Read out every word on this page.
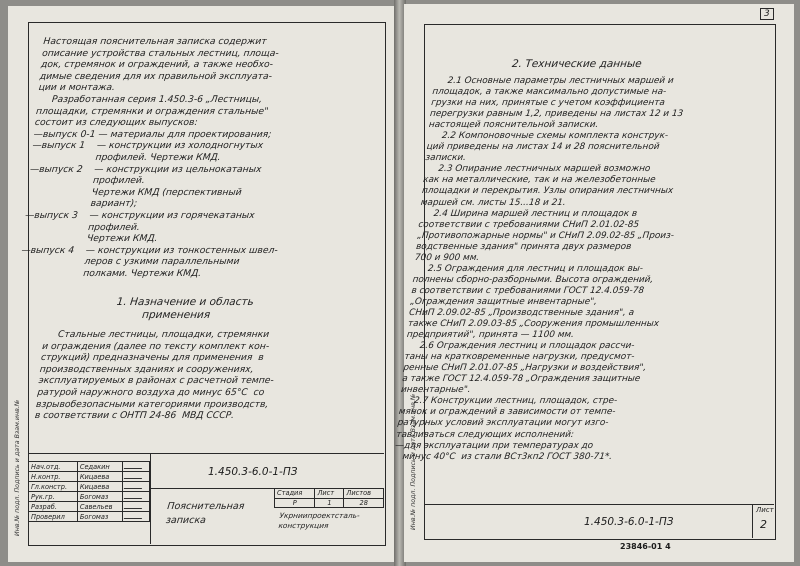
Инв.№ подл. Подпись и дата Взам.инв.№
Настоящая пояснительная записка содержит
описание устройства стальных лестниц, площа-
док, стремянок и ограждений, а также необхо-
димые сведения для их правильной эксплуата-
ции и монтажа.
Разработанная серия 1.450.3-6 „Лестницы,
площадки, стремянки и ограждения стальные"
состоит из следующих выпусков:
—выпуск 0-1 — материалы для проектирования;
—выпуск 1    — конструкции из холодногнутых
профилей. Чертежи КМД.
—выпуск 2    — конструкции из цельнокатаных
профилей.
Чертежи КМД (перспективный
вариант);
—выпуск 3    — конструкции из горячекатаных
профилей.
Чертежи КМД.
—выпуск 4    — конструкции из тонкостенных швел-
леров с узкими параллельными
полками. Чертежи КМД.
1. Назначение и область
применения
Стальные лестницы, площадки, стремянки
и ограждения (далее по тексту комплект кон-
струкций) предназначены для применения  в
производственных зданиях и сооружениях,
эксплуатируемых в районах с расчетной темпе-
ратурой наружного воздуха до минус 65°С  со
взрывобезопасными категориями производств,
в соответствии с ОНТП 24-86  МВД СССР.
Нач.отд.	Седакин	
Н.контр.	Кицаева	
Гл.констр.	Кицаева	
Рук.гр.	Богомаз	
Разраб.	Савельев	
Проверил	Богомаз	
1.450.3-6.0-1-ПЗ
Пояснительная
записка
Стадия	Лист	Листов
Р	1	28
Укрниипроектсталь-
конструкция	Инв.№ подл. Подпись и дата Взам.инв.№
3
2. Технические данные
2.1 Основные параметры лестничных маршей и
площадок, а также максимально допустимые на-
грузки на них, принятые с учетом коэффициента
перегрузки равным 1,2, приведены на листах 12 и 13
настоящей пояснительной записки.
2.2 Компоновочные схемы комплекта конструк-
ций приведены на листах 14 и 28 пояснительной
записки.
2.3 Опирание лестничных маршей возможно
как на металлические, так и на железобетонные
площадки и перекрытия. Узлы опирания лестничных
маршей см. листы 15...18 и 21.
2.4 Ширина маршей лестниц и площадок в
соответствии с требованиями СНиП 2.01.02-85
„Противопожарные нормы" и СНиП 2.09.02-85 „Произ-
водственные здания" принята двух размеров
700 и 900 мм.
2.5 Ограждения для лестниц и площадок вы-
полнены сборно-разборными. Высота ограждений,
в соответствии с требованиями ГОСТ 12.4.059-78
„Ограждения защитные инвентарные",
СНиП 2.09.02-85 „Производственные здания", а
также СНиП 2.09.03-85 „Сооружения промышленных
предприятий", принята — 1100 мм.
2.6 Ограждения лестниц и площадок рассчи-
таны на кратковременные нагрузки, предусмот-
ренные СНиП 2.01.07-85 „Нагрузки и воздействия",
а также ГОСТ 12.4.059-78 „Ограждения защитные
инвентарные".
2.7 Конструкции лестниц, площадок, стре-
мянок и ограждений в зависимости от темпе-
ратурных условий эксплуатации могут изго-
тавливаться следующих исполнений:
—для эксплуатации при температурах до
минус 40°С  из стали ВСт3кп2 ГОСТ 380-71*.
1.450.3-6.0-1-ПЗ
Лист
2
23846-01 4
